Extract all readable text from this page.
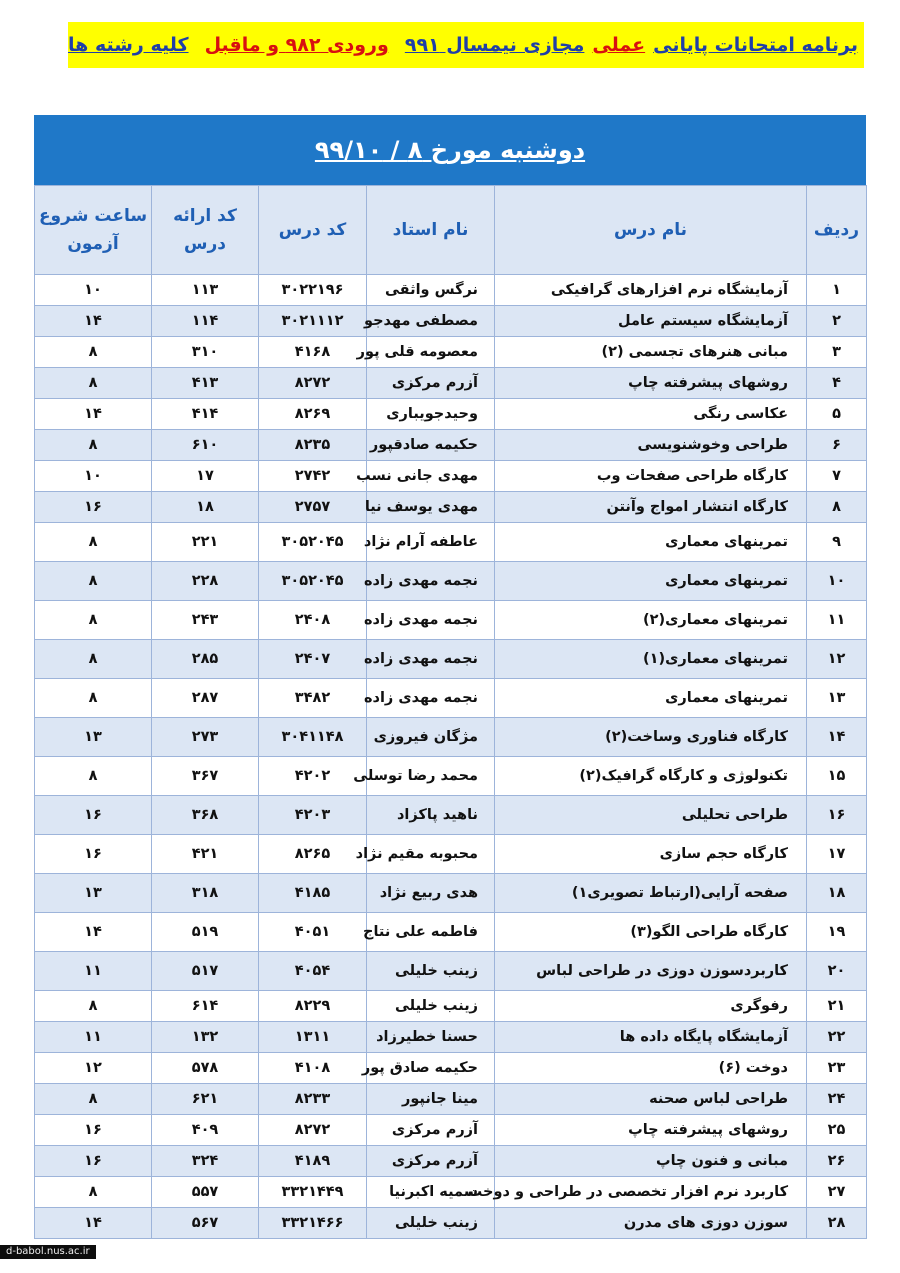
برنامه امتحانات پایانی
عملی
مجازی نیمسال ۹۹۱
ورودی ۹۸۲ و ماقبل
کلیه رشته ها
دوشنبه مورخ ۸ / ۹۹/۱۰
ردیف	نام درس	نام استاد	کد درس	کد ارائه درس	ساعت شروع آزمون
۱	آزمایشگاه نرم افزارهای گرافیکی	نرگس واثقی	۳۰۲۲۱۹۶	۱۱۳	۱۰
۲	آزمایشگاه سیستم عامل	مصطفی مهدجو	۳۰۲۱۱۱۲	۱۱۴	۱۴
۳	مبانی هنرهای تجسمی (۲)	معصومه قلی پور	۴۱۶۸	۳۱۰	۸
۴	روشهای پیشرفته چاپ	آزرم مرکزی	۸۲۷۲	۴۱۳	۸
۵	عکاسی رنگی	وحیدجویباری	۸۲۶۹	۴۱۴	۱۴
۶	طراحی وخوشنویسی	حکیمه صادقپور	۸۲۳۵	۶۱۰	۸
۷	کارگاه طراحی صفحات وب	مهدی جانی نسب	۲۷۴۲	۱۷	۱۰
۸	کارگاه انتشار امواج وآنتن	مهدی یوسف نیا	۲۷۵۷	۱۸	۱۶
۹	تمرینهای معماری	عاطفه آرام نژاد	۳۰۵۲۰۴۵	۲۲۱	۸
۱۰	تمرینهای معماری	نجمه مهدی زاده	۳۰۵۲۰۴۵	۲۲۸	۸
۱۱	تمرینهای معماری(۲)	نجمه مهدی زاده	۲۴۰۸	۲۴۳	۸
۱۲	تمرینهای معماری(۱)	نجمه مهدی زاده	۲۴۰۷	۲۸۵	۸
۱۳	تمرینهای معماری	نجمه مهدی زاده	۳۴۸۲	۲۸۷	۸
۱۴	کارگاه فناوری وساخت(۲)	مژگان فیروزی	۳۰۴۱۱۴۸	۲۷۳	۱۳
۱۵	تکنولوژی و کارگاه گرافیک(۲)	محمد رضا توسلی	۴۲۰۲	۳۶۷	۸
۱۶	طراحی تحلیلی	ناهید پاکزاد	۴۲۰۳	۳۶۸	۱۶
۱۷	کارگاه حجم سازی	محبوبه مقیم نژاد	۸۲۶۵	۴۲۱	۱۶
۱۸	صفحه آرایی(ارتباط تصویری۱)	هدی ربیع نژاد	۴۱۸۵	۳۱۸	۱۳
۱۹	کارگاه طراحی الگو(۳)	فاطمه علی نتاج	۴۰۵۱	۵۱۹	۱۴
۲۰	کاربردسوزن دوزی در طراحی لباس	زینب خلیلی	۴۰۵۴	۵۱۷	۱۱
۲۱	رفوگری	زینب خلیلی	۸۲۲۹	۶۱۴	۸
۲۲	آزمایشگاه پایگاه داده ها	حسنا خطیرزاد	۱۳۱۱	۱۳۲	۱۱
۲۳	دوخت (۶)	حکیمه صادق پور	۴۱۰۸	۵۷۸	۱۲
۲۴	طراحی لباس صحنه	مینا جانپور	۸۲۳۳	۶۲۱	۸
۲۵	روشهای پیشرفته چاپ	آزرم مرکزی	۸۲۷۲	۴۰۹	۱۶
۲۶	مبانی و فنون چاپ	آزرم مرکزی	۴۱۸۹	۳۲۴	۱۶
۲۷	کاربرد نرم افزار تخصصی در طراحی و دوخت	سمیه اکبرنیا	۳۳۲۱۴۴۹	۵۵۷	۸
۲۸	سوزن دوزی های مدرن	زینب خلیلی	۳۳۲۱۴۶۶	۵۶۷	۱۴
d-babol.nus.ac.ir
